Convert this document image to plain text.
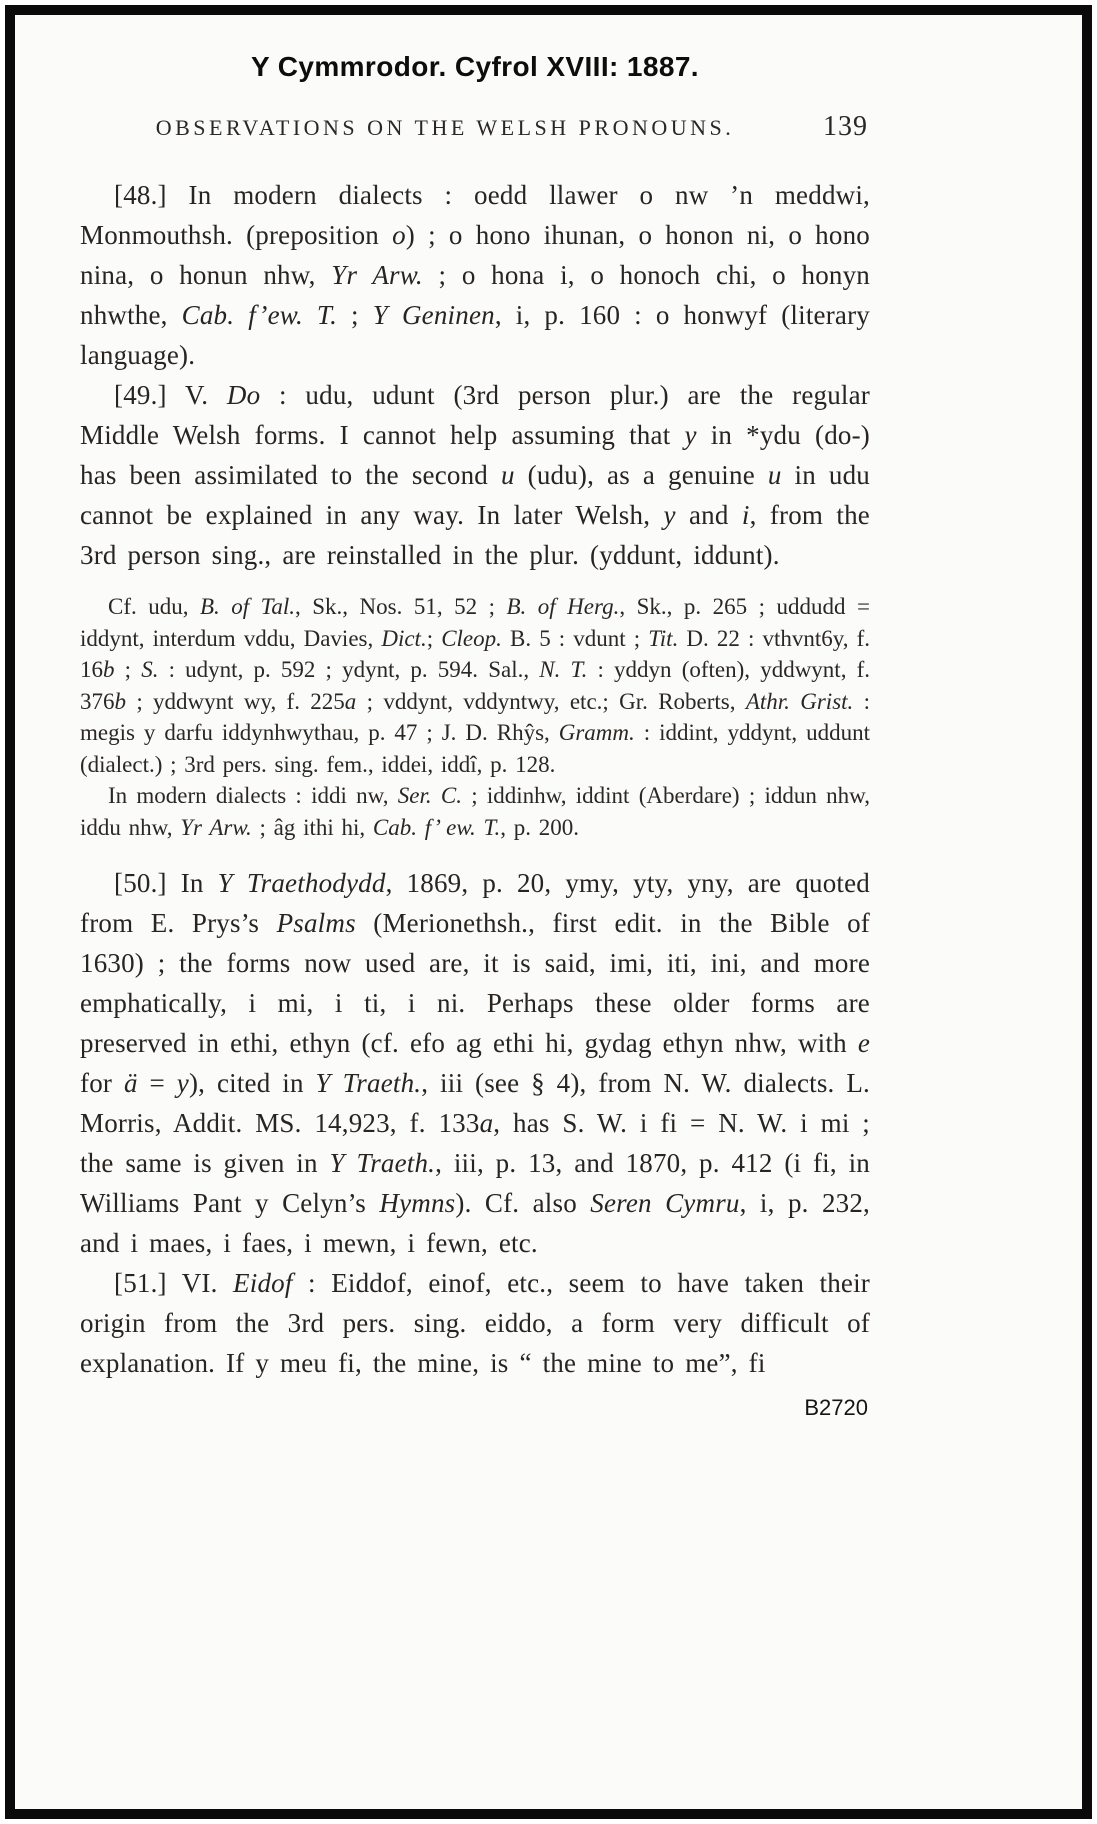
Y Cymmrodor. Cyfrol XVIII: 1887.
OBSERVATIONS ON THE WELSH PRONOUNS.	139

[48.] In modern dialects : oedd llawer o nw ’n meddwi, Monmouthsh. (preposition o) ; o hono ihunan, o honon ni, o hono nina, o honun nhw, Yr Arw. ; o hona i, o honoch chi, o honyn nhwthe, Cab. f’ew. T. ; Y Geninen, i, p. 160 : o honwyf (literary language).

[49.] V. Do : udu, udunt (3rd person plur.) are the regular Middle Welsh forms. I cannot help assuming that y in *ydu (do-) has been assimilated to the second u (udu), as a genuine u in udu cannot be explained in any way. In later Welsh, y and i, from the 3rd person sing., are reinstalled in the plur. (yddunt, iddunt).

Cf. udu, B. of Tal., Sk., Nos. 51, 52 ; B. of Herg., Sk., p. 265 ; uddudd = iddynt, interdum vddu, Davies, Dict.; Cleop. B. 5 : vdunt ; Tit. D. 22 : vthvnt6y, f. 16b ; S. : udynt, p. 592 ; ydynt, p. 594. Sal., N. T. : yddyn (often), yddwynt, f. 376b ; yddwynt wy, f. 225a ; vddynt, vddyntwy, etc.; Gr. Roberts, Athr. Grist. : megis y darfu iddynhwythau, p. 47 ; J. D. Rhŷs, Gramm. : iddint, yddynt, uddunt (dialect.) ; 3rd pers. sing. fem., iddei, iddî, p. 128.

In modern dialects : iddi nw, Ser. C. ; iddinhw, iddint (Aberdare) ; iddun nhw, iddu nhw, Yr Arw. ; âg ithi hi, Cab. f’ ew. T., p. 200.

[50.] In Y Traethodydd, 1869, p. 20, ymy, yty, yny, are quoted from E. Prys’s Psalms (Merionethsh., first edit. in the Bible of 1630) ; the forms now used are, it is said, imi, iti, ini, and more emphatically, i mi, i ti, i ni. Perhaps these older forms are preserved in ethi, ethyn (cf. efo ag ethi hi, gydag ethyn nhw, with e for ä = y), cited in Y Traeth., iii (see § 4), from N. W. dialects. L. Morris, Addit. MS. 14,923, f. 133a, has S. W. i fi = N. W. i mi ; the same is given in Y Traeth., iii, p. 13, and 1870, p. 412 (i fi, in Williams Pant y Celyn’s Hymns). Cf. also Seren Cymru, i, p. 232, and i maes, i faes, i mewn, i fewn, etc.

[51.] VI. Eidof : Eiddof, einof, etc., seem to have taken their origin from the 3rd pers. sing. eiddo, a form very difficult of explanation. If y meu fi, the mine, is “ the mine to me”, fi

B2720
